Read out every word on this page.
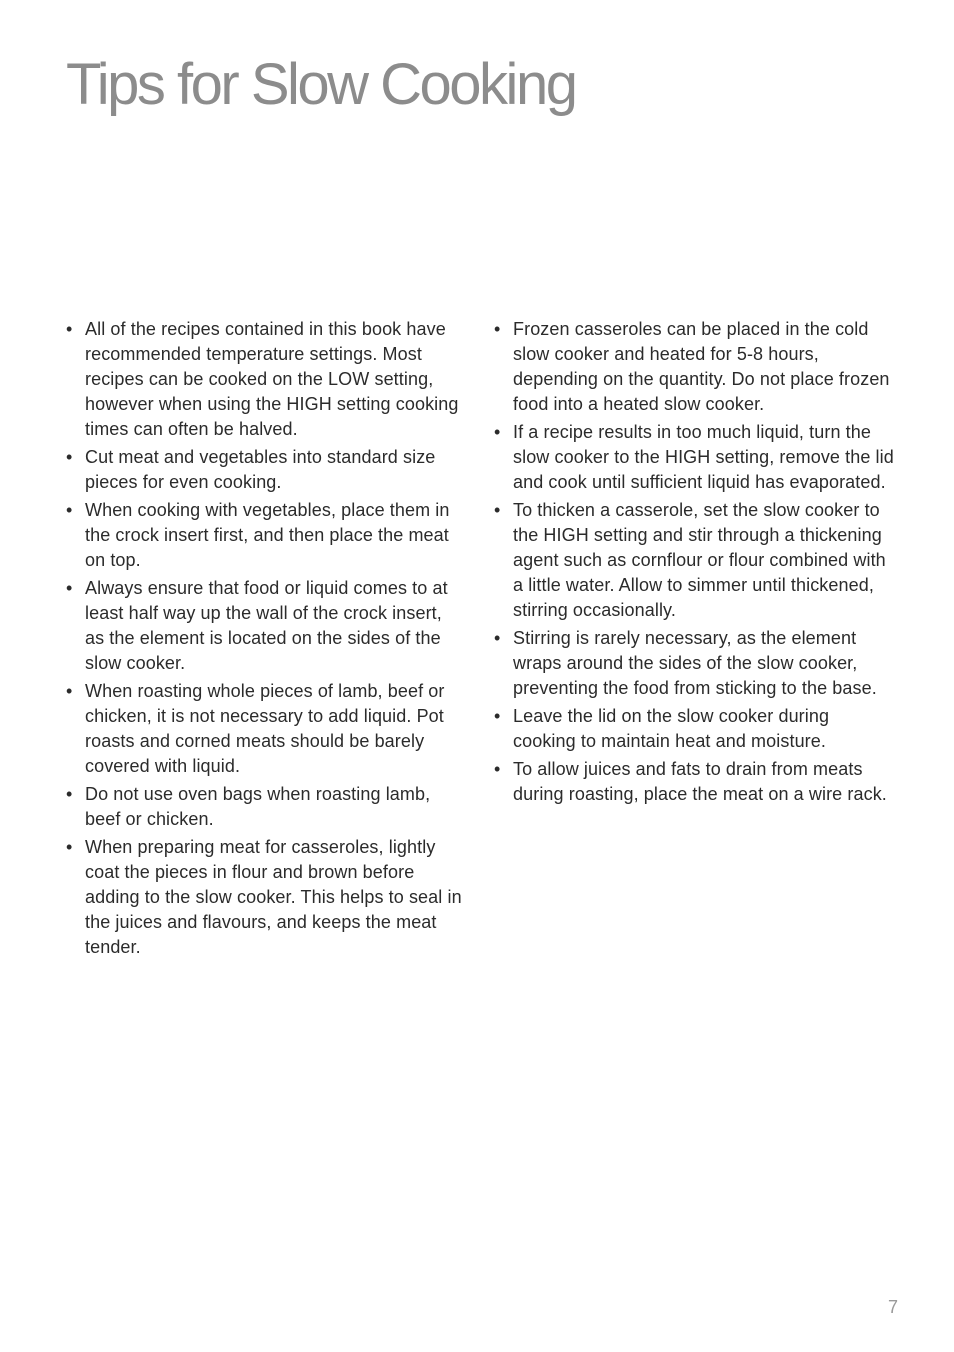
Tips for Slow Cooking
• All of the recipes contained in this book have recommended temperature settings. Most recipes can be cooked on the LOW setting, however when using the HIGH setting cooking times can often be halved.
• Cut meat and vegetables into standard size pieces for even cooking.
• When cooking with vegetables, place them in the crock insert first, and then place the meat on top.
• Always ensure that food or liquid comes to at least half way up the wall of the crock insert, as the element is located on the sides of the slow cooker.
• When roasting whole pieces of lamb, beef or chicken, it is not necessary to add liquid. Pot roasts and corned meats should be barely covered with liquid.
• Do not use oven bags when roasting lamb, beef or chicken.
• When preparing meat for casseroles, lightly coat the pieces in flour and brown before adding to the slow cooker. This helps to seal in the juices and flavours, and keeps the meat tender.
• Frozen casseroles can be placed in the cold slow cooker and heated for 5-8 hours, depending on the quantity. Do not place frozen food into a heated slow cooker.
• If a recipe results in too much liquid, turn the slow cooker to the HIGH setting, remove the lid and cook until sufficient liquid has evaporated.
• To thicken a casserole, set the slow cooker to the HIGH setting and stir through a thickening agent such as cornflour or flour combined with a little water. Allow to simmer until thickened, stirring occasionally.
• Stirring is rarely necessary, as the element wraps around the sides of the slow cooker, preventing the food from sticking to the base.
• Leave the lid on the slow cooker during cooking to maintain heat and moisture.
• To allow juices and fats to drain from meats during roasting, place the meat on a wire rack.
7
